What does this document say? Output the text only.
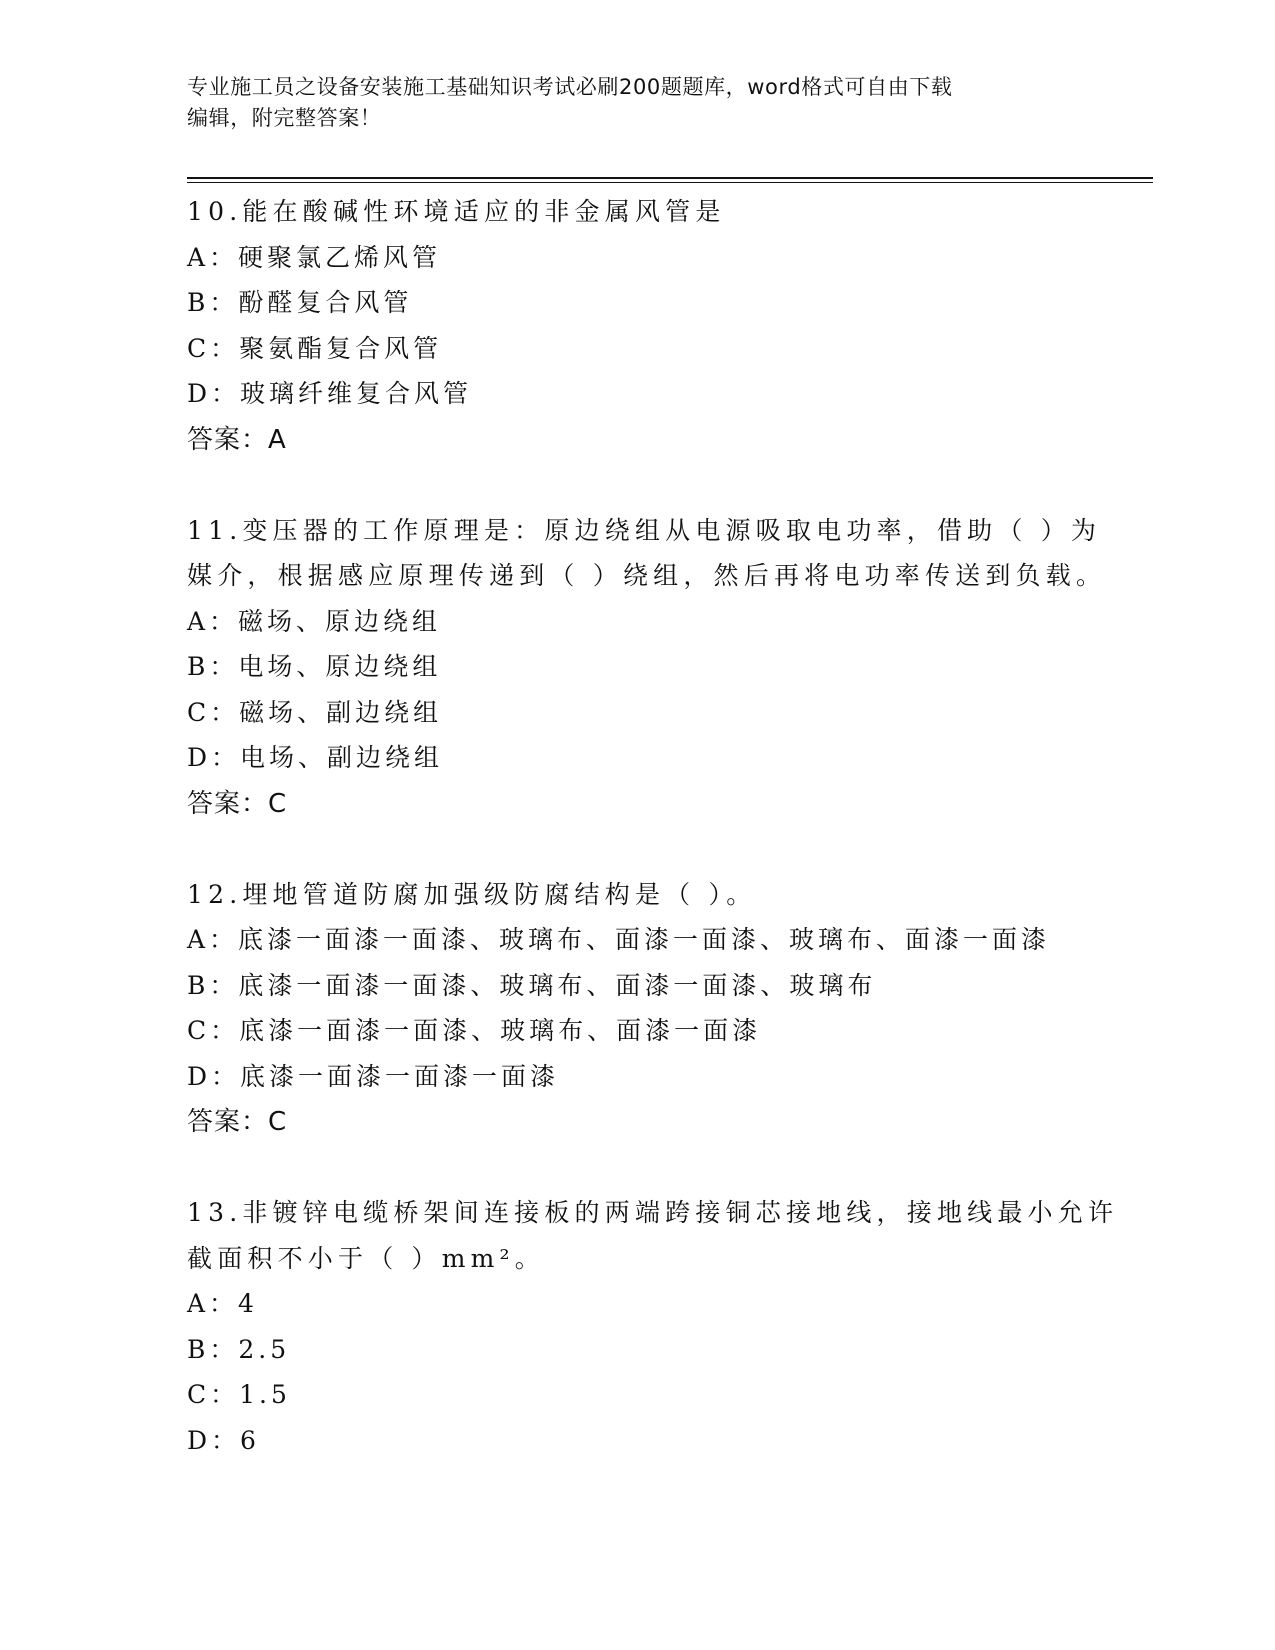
专业施工员之设备安装施工基础知识考试必刷200题题库，word格式可自由下载
编辑，附完整答案！
10.能在酸碱性环境适应的非金属风管是
A：硬聚氯乙烯风管
B：酚醛复合风管
C：聚氨酯复合风管
D：玻璃纤维复合风管
答案：A
11.变压器的工作原理是：原边绕组从电源吸取电功率，借助（ ）为
媒介，根据感应原理传递到（ ）绕组，然后再将电功率传送到负载。
A：磁场、原边绕组
B：电场、原边绕组
C：磁场、副边绕组
D：电场、副边绕组
答案：C
12.埋地管道防腐加强级防腐结构是（ ）。
A：底漆一面漆一面漆、玻璃布、面漆一面漆、玻璃布、面漆一面漆
B：底漆一面漆一面漆、玻璃布、面漆一面漆、玻璃布
C：底漆一面漆一面漆、玻璃布、面漆一面漆
D：底漆一面漆一面漆一面漆
答案：C
13.非镀锌电缆桥架间连接板的两端跨接铜芯接地线，接地线最小允许
截面积不小于（ ）mm²。
A：4
B：2.5
C：1.5
D：6
